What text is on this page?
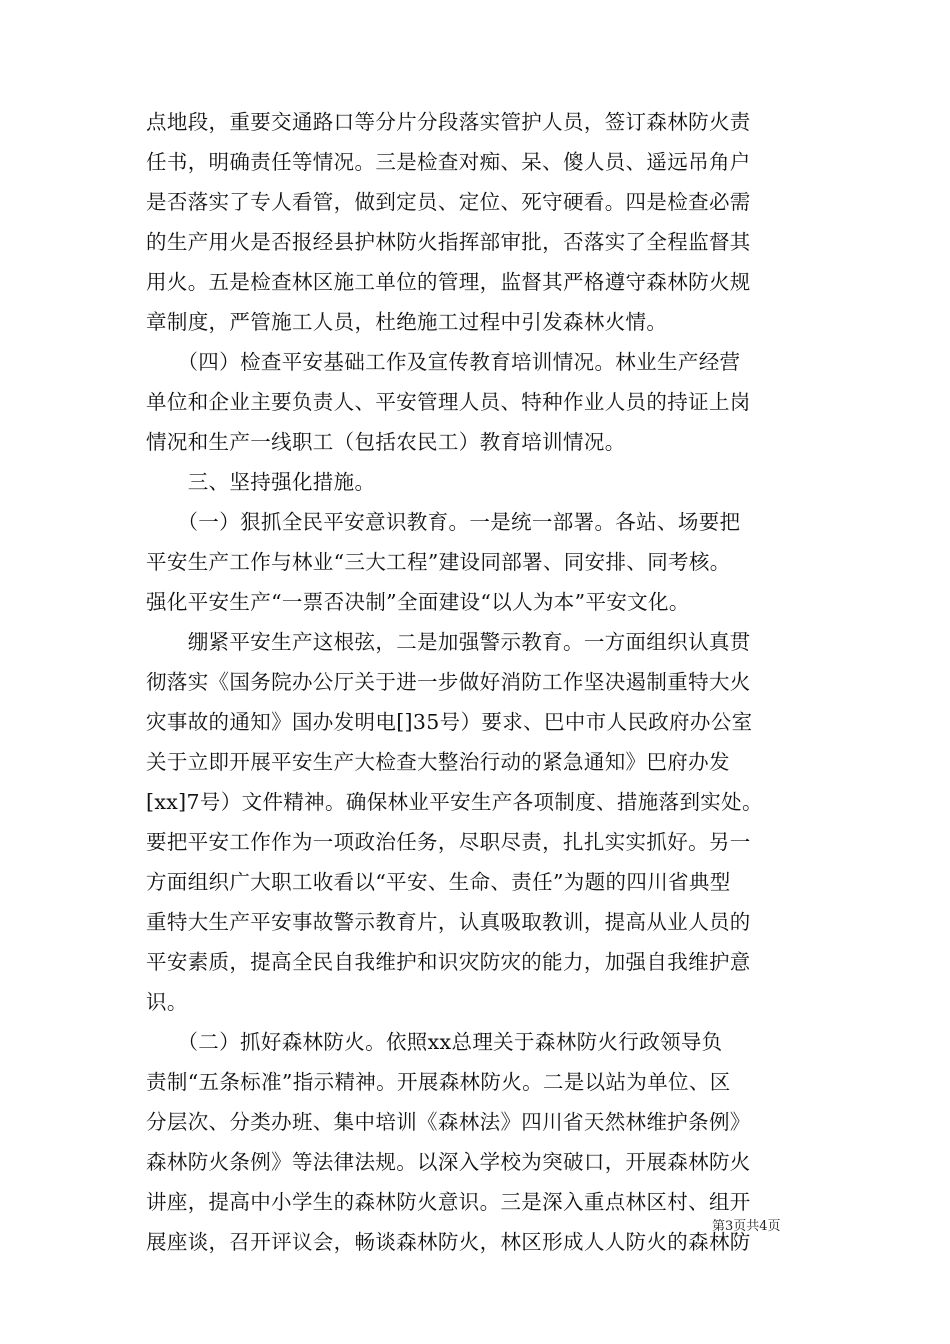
点地段，重要交通路口等分片分段落实管护人员，签订森林防火责
任书，明确责任等情况。三是检查对痴、呆、傻人员、遥远吊角户
是否落实了专人看管，做到定员、定位、死守硬看。四是检查必需
的生产用火是否报经县护林防火指挥部审批，否落实了全程监督其
用火。五是检查林区施工单位的管理，监督其严格遵守森林防火规
章制度，严管施工人员，杜绝施工过程中引发森林火情。
　　（四）检查平安基础工作及宣传教育培训情况。林业生产经营
单位和企业主要负责人、平安管理人员、特种作业人员的持证上岗
情况和生产一线职工（包括农民工）教育培训情况。
　　三、坚持强化措施。
　　（一）狠抓全民平安意识教育。一是统一部署。各站、场要把
平安生产工作与林业“三大工程”建设同部署、同安排、同考核。
强化平安生产“一票否决制”全面建设“以人为本”平安文化。
　　绷紧平安生产这根弦，二是加强警示教育。一方面组织认真贯
彻落实《国务院办公厅关于进一步做好消防工作坚决遏制重特大火
灾事故的通知》国办发明电[]35号）要求、巴中市人民政府办公室
关于立即开展平安生产大检查大整治行动的紧急通知》巴府办发
[xx]7号）文件精神。确保林业平安生产各项制度、措施落到实处。
要把平安工作作为一项政治任务，尽职尽责，扎扎实实抓好。另一
方面组织广大职工收看以“平安、生命、责任”为题的四川省典型
重特大生产平安事故警示教育片，认真吸取教训，提高从业人员的
平安素质，提高全民自我维护和识灾防灾的能力，加强自我维护意
识。
　　（二）抓好森林防火。依照xx总理关于森林防火行政领导负
责制“五条标准”指示精神。开展森林防火。二是以站为单位、区
分层次、分类办班、集中培训《森林法》四川省天然林维护条例》
森林防火条例》等法律法规。以深入学校为突破口，开展森林防火
讲座，提高中小学生的森林防火意识。三是深入重点林区村、组开
展座谈，召开评议会，畅谈森林防火，林区形成人人防火的森林防
第3页共4页
